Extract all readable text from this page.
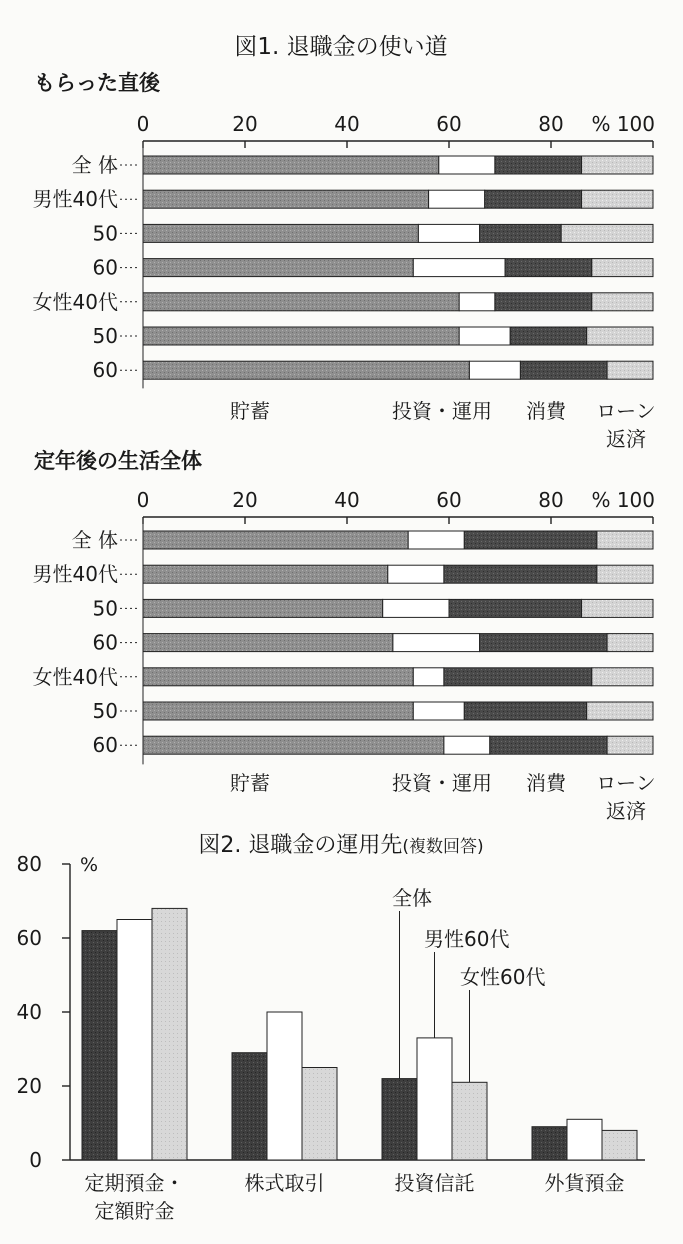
図1. 退職金の使い道
もらった直後
0	20	40	60	80 % 100
全 体
男性40代
50
60
女性40代
50
60
貯蓄	投資・運用 消費 ローン
返済
定年後の生活全体
0	20	40	60	80 % 100
全 体
男性40代
50
60
女性40代
50
60
貯蓄	投資・運用 消費 ローン
返済
図2. 退職金の運用先(複数回答)
%
0
20
40
60
80
定期預金・
定額貯金
株式取引	投資信託	外貨預金
全体
男性60代
女性60代
